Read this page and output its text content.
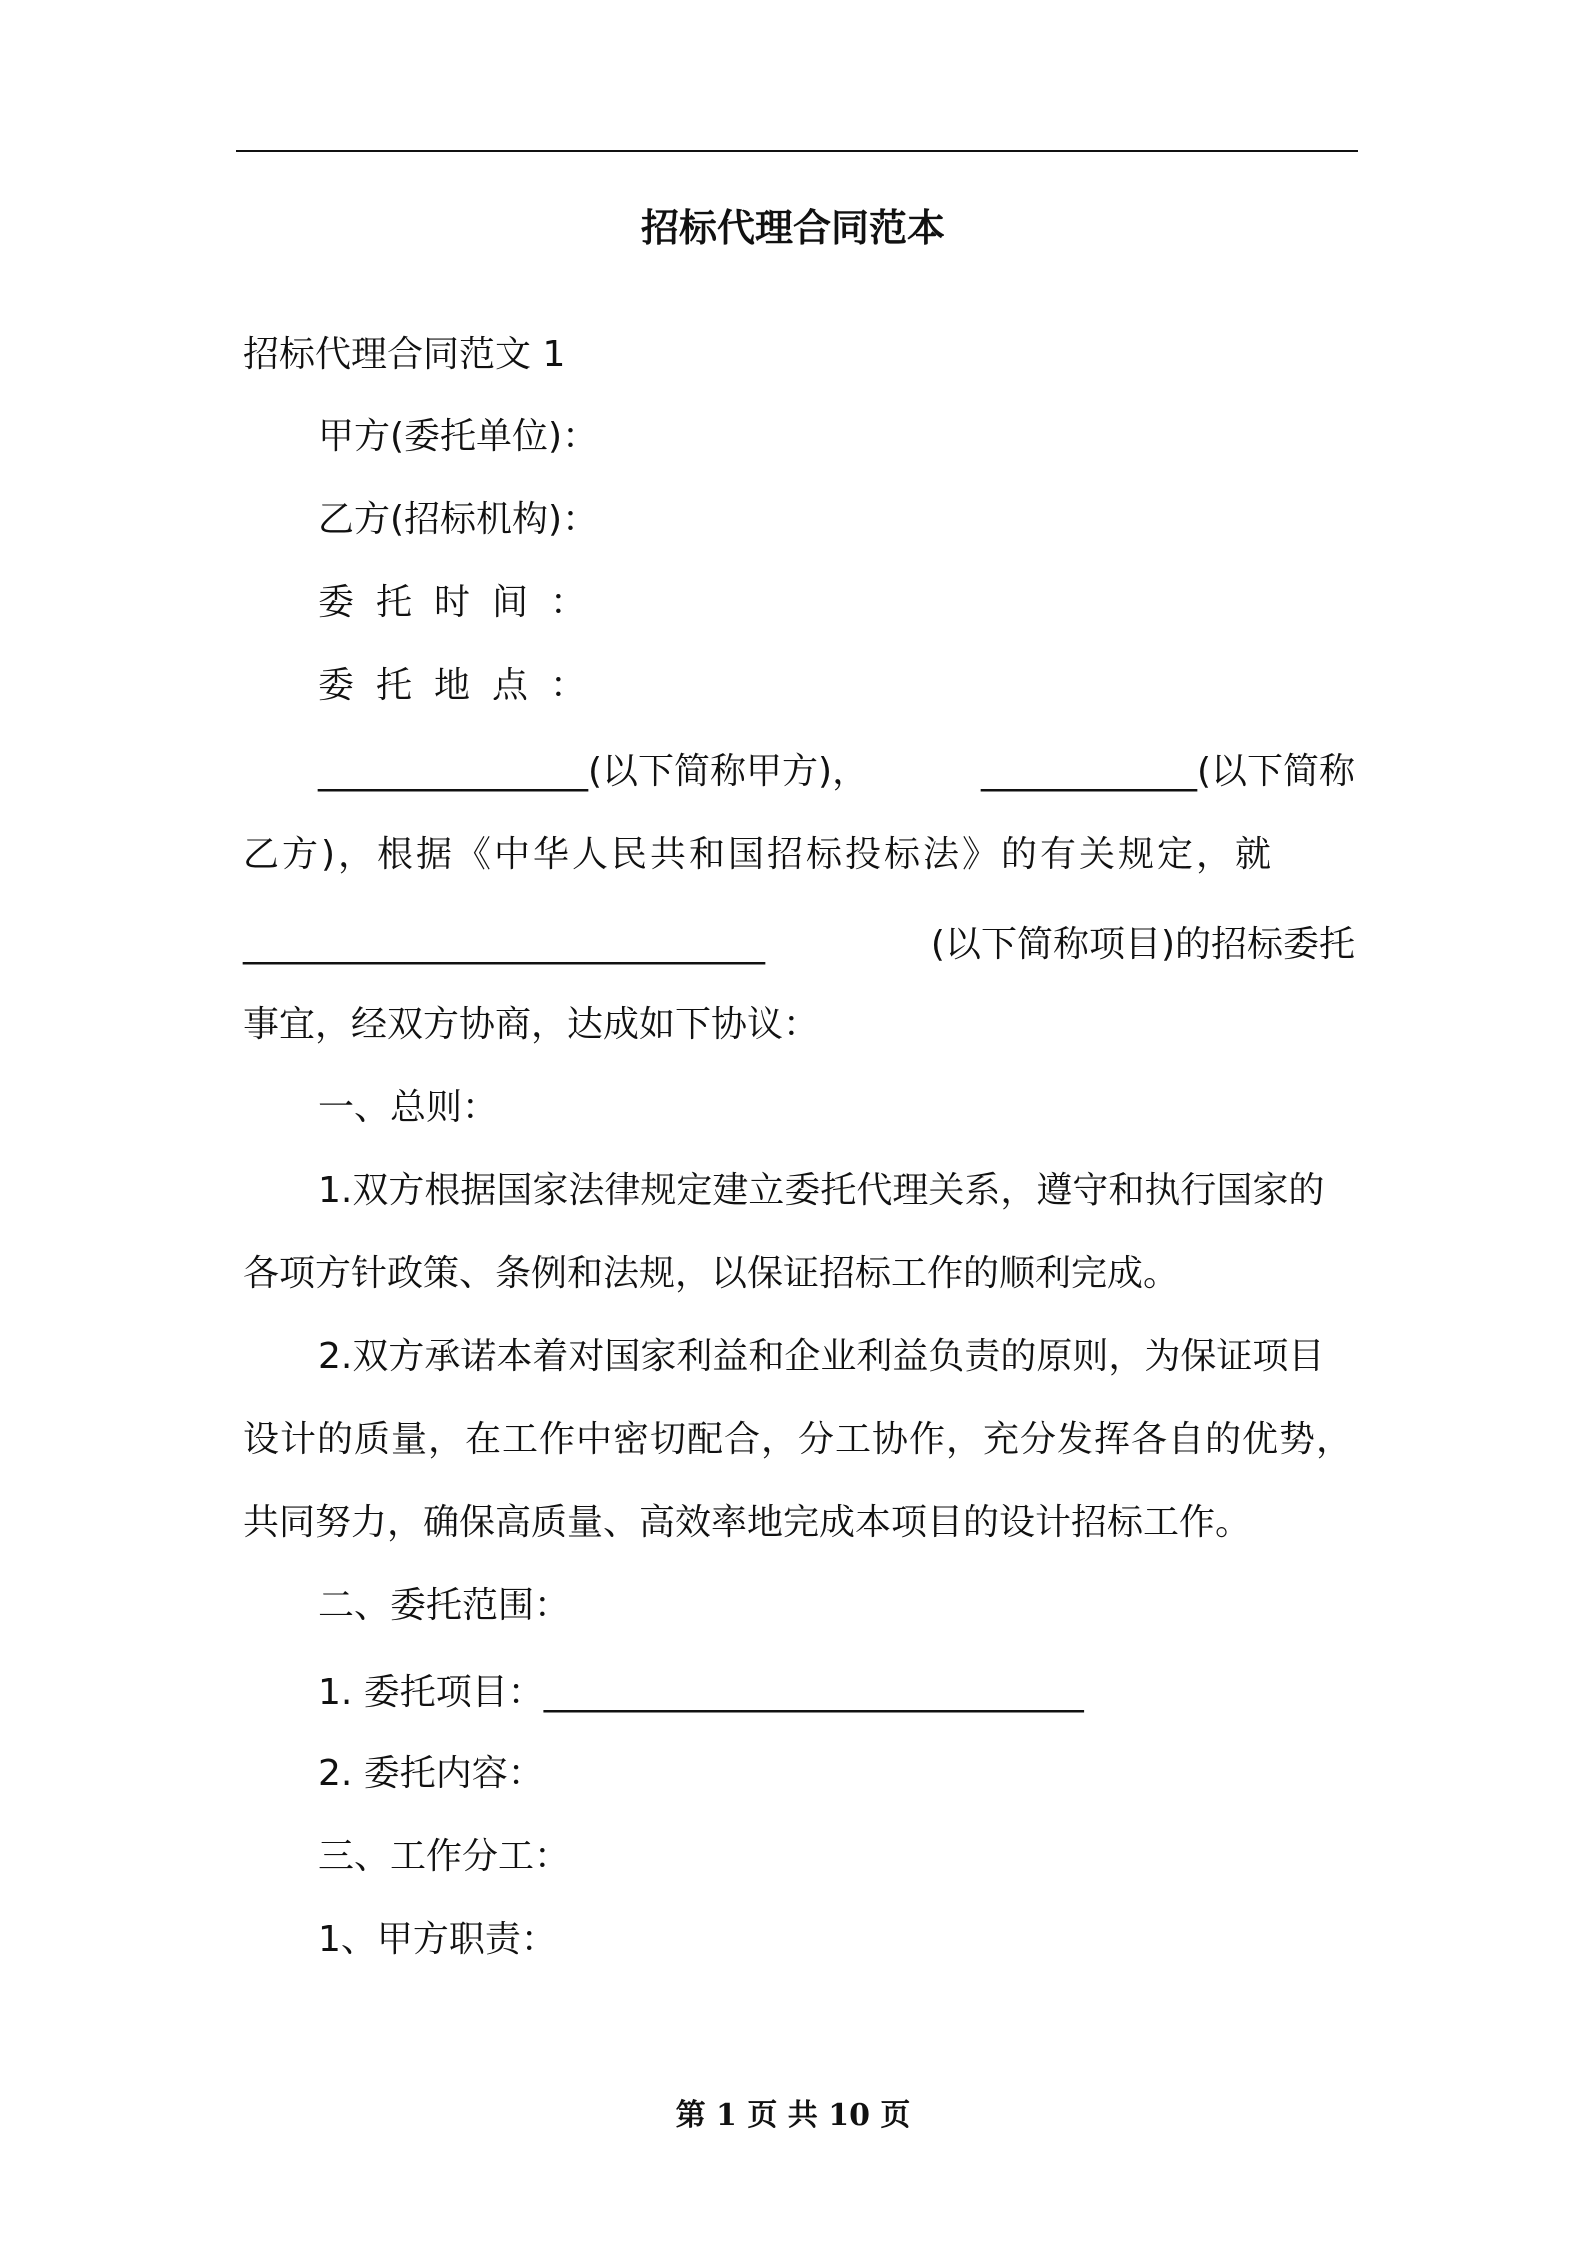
招标代理合同范本
招标代理合同范文 1
甲方(委托单位)：
乙方(招标机构)：
委托时间：
委托地点：
_______________(以下简称甲方)，	____________(以下简称
乙方)，根据《中华人民共和国招标投标法》的有关规定，就
_____________________________	(以下简称项目)的招标委托
事宜，经双方协商，达成如下协议：
一、总则：
1.双方根据国家法律规定建立委托代理关系，遵守和执行国家的
各项方针政策、条例和法规，以保证招标工作的顺利完成。
2.双方承诺本着对国家利益和企业利益负责的原则，为保证项目
设计的质量，在工作中密切配合，分工协作，充分发挥各自的优势，
共同努力，确保高质量、高效率地完成本项目的设计招标工作。
二、委托范围：
1. 委托项目：______________________________
2. 委托内容：
三、工作分工：
1、甲方职责：
第 1 页 共 10 页
